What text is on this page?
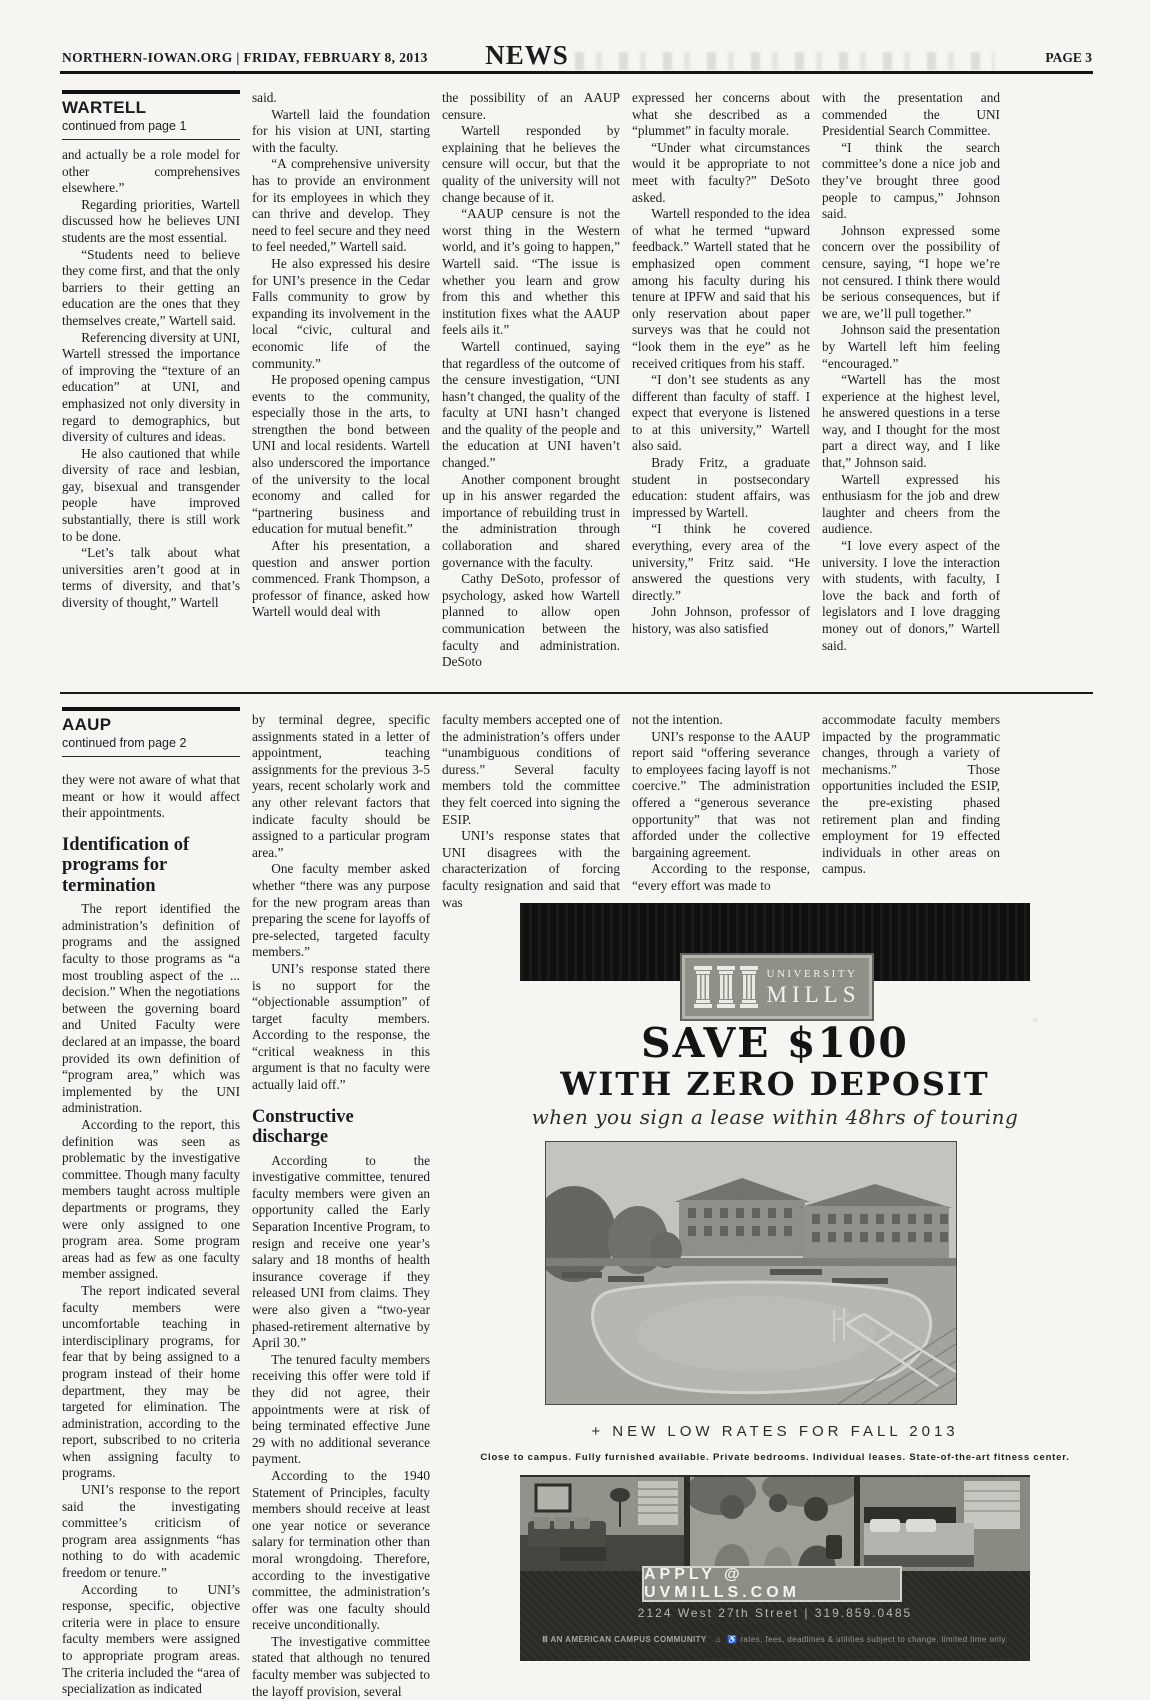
NORTHERN-IOWAN.ORG | FRIDAY, FEBRUARY 8, 2013	NEWS	PAGE 3
WARTELL
continued from page 1

and actually be a role model for other comprehensives elsewhere.”

Regarding priorities, Wartell discussed how he believes UNI students are the most essential.

“Students need to believe they come first, and that the only barriers to their getting an education are the ones that they themselves create,” Wartell said.

Referencing diversity at UNI, Wartell stressed the importance of improving the “texture of an education” at UNI, and emphasized not only diversity in regard to demographics, but diversity of cultures and ideas.

He also cautioned that while diversity of race and lesbian, gay, bisexual and transgender people have improved substantially, there is still work to be done.

“Let’s talk about what universities aren’t good at in terms of diversity, and that’s diversity of thought,” Wartell

said.

Wartell laid the foundation for his vision at UNI, starting with the faculty.

“A comprehensive university has to provide an environment for its employees in which they can thrive and develop. They need to feel secure and they need to feel needed,” Wartell said.

He also expressed his desire for UNI’s presence in the Cedar Falls community to grow by expanding its involvement in the local “civic, cultural and economic life of the community.”

He proposed opening campus events to the community, especially those in the arts, to strengthen the bond between UNI and local residents. Wartell also underscored the importance of the university to the local economy and called for “partnering business and education for mutual benefit.”

After his presentation, a question and answer portion commenced. Frank Thompson, a professor of finance, asked how Wartell would deal with

the possibility of an AAUP censure.

Wartell responded by explaining that he believes the censure will occur, but that the quality of the university will not change because of it.

“AAUP censure is not the worst thing in the Western world, and it’s going to happen,” Wartell said. “The issue is whether you learn and grow from this and whether this institution fixes what the AAUP feels ails it.”

Wartell continued, saying that regardless of the outcome of the censure investigation, “UNI hasn’t changed, the quality of the faculty at UNI hasn’t changed and the quality of the people and the education at UNI haven’t changed.”

Another component brought up in his answer regarded the importance of rebuilding trust in the administration through collaboration and shared governance with the faculty.

Cathy DeSoto, professor of psychology, asked how Wartell planned to allow open communication between the faculty and administration. DeSoto

expressed her concerns about what she described as a “plummet” in faculty morale.

“Under what circumstances would it be appropriate to not meet with faculty?” DeSoto asked.

Wartell responded to the idea of what he termed “upward feedback.” Wartell stated that he emphasized open comment among his faculty during his tenure at IPFW and said that his only reservation about paper surveys was that he could not “look them in the eye” as he received critiques from his staff.

“I don’t see students as any different than faculty of staff. I expect that everyone is listened to at this university,” Wartell also said.

Brady Fritz, a graduate student in postsecondary education: student affairs, was impressed by Wartell.

“I think he covered everything, every area of the university,” Fritz said. “He answered the questions very directly.”

John Johnson, professor of history, was also satisfied

with the presentation and commended the UNI Presidential Search Committee.

“I think the search committee’s done a nice job and they’ve brought three good people to campus,” Johnson said.

Johnson expressed some concern over the possibility of censure, saying, “I hope we’re not censured. I think there would be serious consequences, but if we are, we’ll pull together.”

Johnson said the presentation by Wartell left him feeling “encouraged.”

“Wartell has the most experience at the highest level, he answered questions in a terse way, and I thought for the most part a direct way, and I like that,” Johnson said.

Wartell expressed his enthusiasm for the job and drew laughter and cheers from the audience.

“I love every aspect of the university. I love the interaction with students, with faculty, I love the back and forth of legislators and I love dragging money out of donors,” Wartell said.

AAUP
continued from page 2

they were not aware of what that meant or how it would affect their appointments.

Identification of programs for termination

The report identified the administration’s definition of programs and the assigned faculty to those programs as “a most troubling aspect of the ... decision.” When the negotiations between the governing board and United Faculty were declared at an impasse, the board provided its own definition of “program area,” which was implemented by the UNI administration.

According to the report, this definition was seen as problematic by the investigative committee. Though many faculty members taught across multiple departments or programs, they were only assigned to one program area. Some program areas had as few as one faculty member assigned.

The report indicated several faculty members were uncomfortable teaching in interdisciplinary programs, for fear that by being assigned to a program instead of their home department, they may be targeted for elimination. The administration, according to the report, subscribed to no criteria when assigning faculty to programs.

UNI’s response to the report said the investigating committee’s criticism of program area assignments “has nothing to do with academic freedom or tenure.”

According to UNI’s response, specific, objective criteria were in place to ensure faculty members were assigned to appropriate program areas. The criteria included the “area of specialization as indicated

by terminal degree, specific assignments stated in a letter of appointment, teaching assignments for the previous 3-5 years, recent scholarly work and any other relevant factors that indicate faculty should be assigned to a particular program area.”

One faculty member asked whether “there was any purpose for the new program areas than preparing the scene for layoffs of pre-selected, targeted faculty members.”

UNI’s response stated there is no support for the “objectionable assumption” of target faculty members. According to the response, the “critical weakness in this argument is that no faculty were actually laid off.”

Constructive discharge

According to the investigative committee, tenured faculty members were given an opportunity called the Early Separation Incentive Program, to resign and receive one year’s salary and 18 months of health insurance coverage if they released UNI from claims. They were also given a “two-year phased-retirement alternative by April 30.”

The tenured faculty members receiving this offer were told if they did not agree, their appointments were at risk of being terminated effective June 29 with no additional severance payment.

According to the 1940 Statement of Principles, faculty members should receive at least one year notice or severance salary for termination other than moral wrongdoing. Therefore, according to the investigative committee, the administration’s offer was one faculty should receive unconditionally.

The investigative committee stated that although no tenured faculty member was subjected to the layoff provision, several

faculty members accepted one of the administration’s offers under “unambiguous conditions of duress.” Several faculty members told the committee they felt coerced into signing the ESIP.

UNI’s response states that UNI disagrees with the characterization of forcing faculty resignation and said that was

not the intention.

UNI’s response to the AAUP report said “offering severance to employees facing layoff is not coercive.” The administration offered a “generous severance opportunity” that was not afforded under the collective bargaining agreement.

According to the response, “every effort was made to

accommodate faculty members impacted by the programmatic changes, through a variety of mechanisms.” Those opportunities included the ESIP, the pre-existing phased retirement plan and finding employment for 19 effected individuals in other areas on campus.

UNIVERSITY
MILLS
SAVE $100
WITH ZERO DEPOSIT
when you sign a lease within 48hrs of touring
+ NEW LOW RATES FOR FALL 2013
Close to campus. Fully furnished available. Private bedrooms. Individual leases. State-of-the-art fitness center.
APPLY @ UVMILLS.COM
2124 West 27th Street | 319.859.0485
Ⅲ AN AMERICAN CAMPUS COMMUNITY ⌂ ♿ rates, fees, deadlines & utilities subject to change. limited time only.
